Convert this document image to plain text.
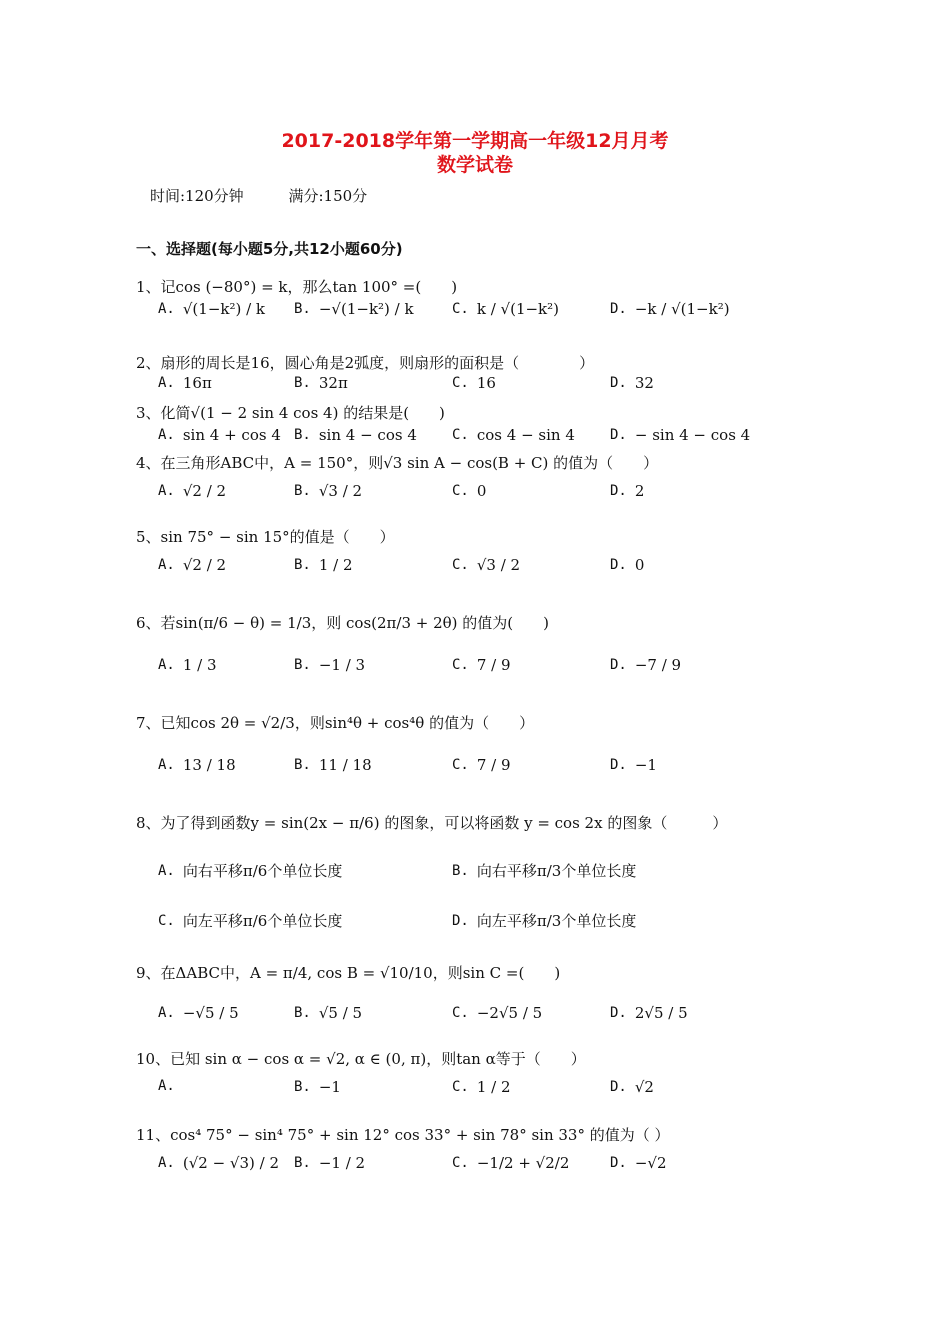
2017-2018学年第一学期高一年级12月月考
数学试卷
时间:120分钟	满分:150分
一、选择题(每小题5分,共12小题60分)
1、记cos (−80°) = k，那么tan 100° =(　　)
A. √(1−k²) / k B. −√(1−k²) / k	C. k / √(1−k²)	D. −k / √(1−k²)
2、扇形的周长是16，圆心角是2弧度，则扇形的面积是（　　　　）
A. 16π	B. 32π	C. 16	D. 32
3、化简√(1 − 2 sin 4 cos 4) 的结果是(　　)
A. sin 4 + cos 4 B. sin 4 − cos 4	C. cos 4 − sin 4	D. − sin 4 − cos 4
4、在三角形ABC中，A = 150°，则√3 sin A − cos(B + C) 的值为（　　）
A. √2 / 2	B. √3 / 2	C. 0	D. 2
5、sin 75° − sin 15°的值是（　　）
A. √2 / 2	B. 1 / 2	C. √3 / 2	D. 0
6、若sin(π/6 − θ) = 1/3，则 cos(2π/3 + 2θ) 的值为(　　)
A. 1 / 3	B. −1 / 3	C. 7 / 9	D. −7 / 9
7、已知cos 2θ = √2/3，则sin⁴θ + cos⁴θ 的值为（　　）
A. 13 / 18	B. 11 / 18	C. 7 / 9	D. −1
8、为了得到函数y = sin(2x − π/6) 的图象，可以将函数 y = cos 2x 的图象（　　　）
A. 向右平移π/6个单位长度	B. 向右平移π/3个单位长度
C. 向左平移π/6个单位长度	D. 向左平移π/3个单位长度
9、在ΔABC中，A = π/4, cos B = √10/10，则sin C =(　　)
A. −√5 / 5	B. √5 / 5	C. −2√5 / 5	D. 2√5 / 5
10、已知 sin α − cos α = √2, α ∈ (0, π)，则tan α等于（　　）
A.	B. −1	C. 1 / 2	D. √2
11、cos⁴ 75° − sin⁴ 75° + sin 12° cos 33° + sin 78° sin 33° 的值为（ ）
A. (√2 − √3) / 2 B. −1 / 2	C. −1/2 + √2/2	D. −√2
